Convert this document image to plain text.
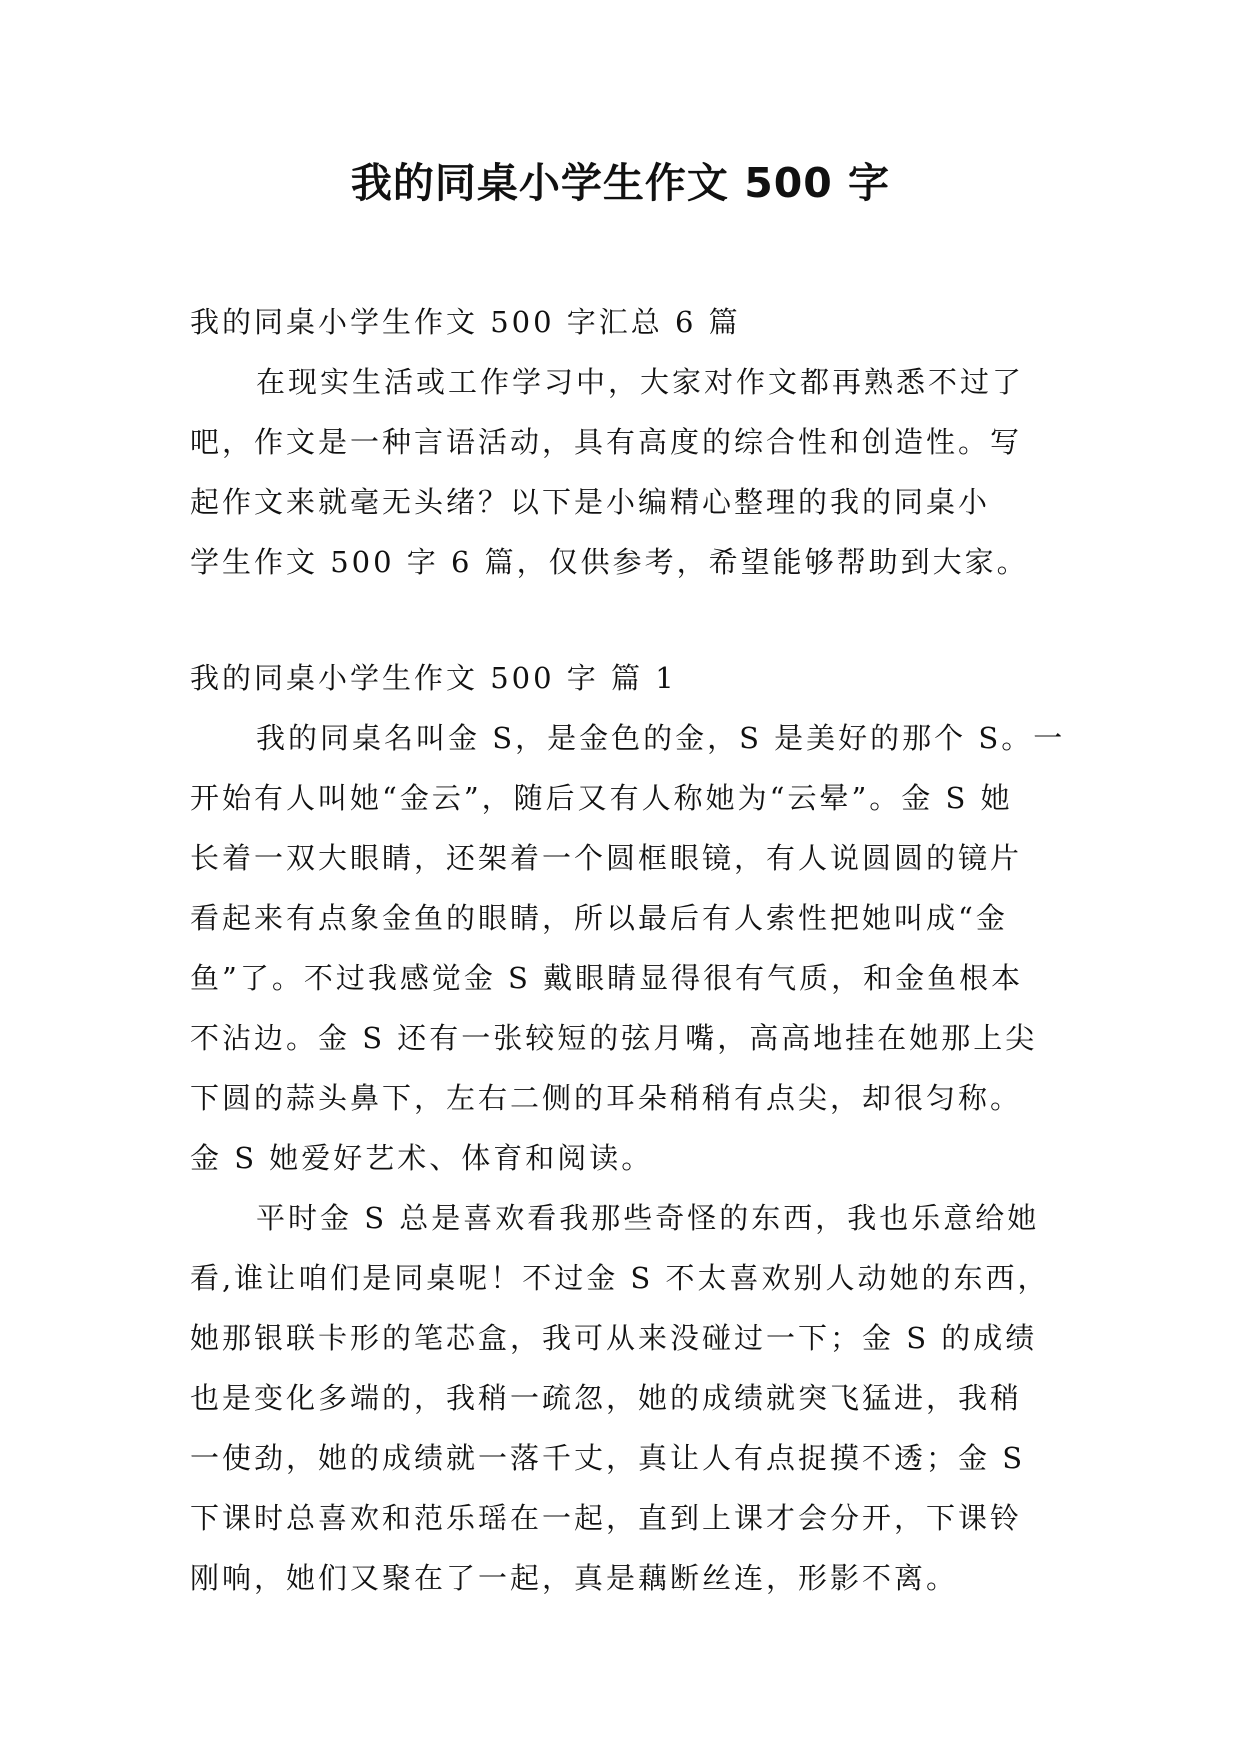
我的同桌小学生作文 500 字
我的同桌小学生作文 500 字汇总 6 篇
在现实生活或工作学习中，大家对作文都再熟悉不过了
吧，作文是一种言语活动，具有高度的综合性和创造性。写
起作文来就毫无头绪？以下是小编精心整理的我的同桌小
学生作文 500 字 6 篇，仅供参考，希望能够帮助到大家。
我的同桌小学生作文 500 字 篇 1
我的同桌名叫金 S，是金色的金，S 是美好的那个 S。一
开始有人叫她“金云”，随后又有人称她为“云晕”。金 S 她
长着一双大眼睛，还架着一个圆框眼镜，有人说圆圆的镜片
看起来有点象金鱼的眼睛，所以最后有人索性把她叫成“金
鱼”了。不过我感觉金 S 戴眼睛显得很有气质，和金鱼根本
不沾边。金 S 还有一张较短的弦月嘴，高高地挂在她那上尖
下圆的蒜头鼻下，左右二侧的耳朵稍稍有点尖，却很匀称。
金 S 她爱好艺术、体育和阅读。
平时金 S 总是喜欢看我那些奇怪的东西，我也乐意给她
看,谁让咱们是同桌呢！不过金 S 不太喜欢别人动她的东西，
她那银联卡形的笔芯盒，我可从来没碰过一下；金 S 的成绩
也是变化多端的，我稍一疏忽，她的成绩就突飞猛进，我稍
一使劲，她的成绩就一落千丈，真让人有点捉摸不透；金 S
下课时总喜欢和范乐瑶在一起，直到上课才会分开，下课铃
刚响，她们又聚在了一起，真是藕断丝连，形影不离。
